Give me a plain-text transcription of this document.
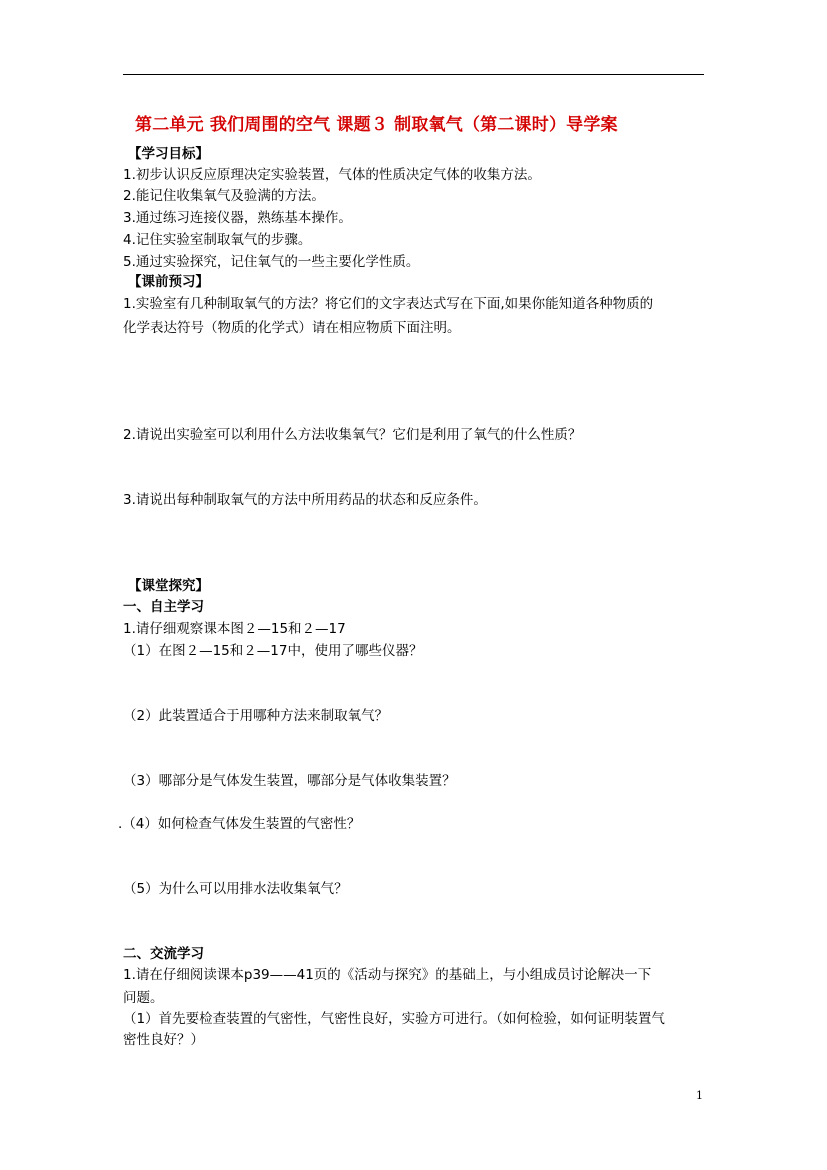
第二单元 我们周围的空气 课题３ 制取氧气（第二课时）导学案
【学习目标】
1.初步认识反应原理决定实验装置，气体的性质决定气体的收集方法。
2.能记住收集氧气及验满的方法。
3.通过练习连接仪器，熟练基本操作。
4.记住实验室制取氧气的步骤。
5.通过实验探究，记住氧气的一些主要化学性质。
【课前预习】
1.实验室有几种制取氧气的方法？将它们的文字表达式写在下面,如果你能知道各种物质的
化学表达符号（物质的化学式）请在相应物质下面注明。
2.请说出实验室可以利用什么方法收集氧气？它们是利用了氧气的什么性质？
3.请说出每种制取氧气的方法中所用药品的状态和反应条件。
【课堂探究】
一、自主学习
1.请仔细观察课本图２—15和２—17
（1）在图２—15和２—17中，使用了哪些仪器？
（2）此装置适合于用哪种方法来制取氧气？
（3）哪部分是气体发生装置，哪部分是气体收集装置？
.（4）如何检查气体发生装置的气密性？
（5）为什么可以用排水法收集氧气？
二、交流学习
1.请在仔细阅读课本p39——41页的《活动与探究》的基础上，与小组成员讨论解决一下
问题。
（1）首先要检查装置的气密性，气密性良好，实验方可进行。（如何检验，如何证明装置气
密性良好？）
1
